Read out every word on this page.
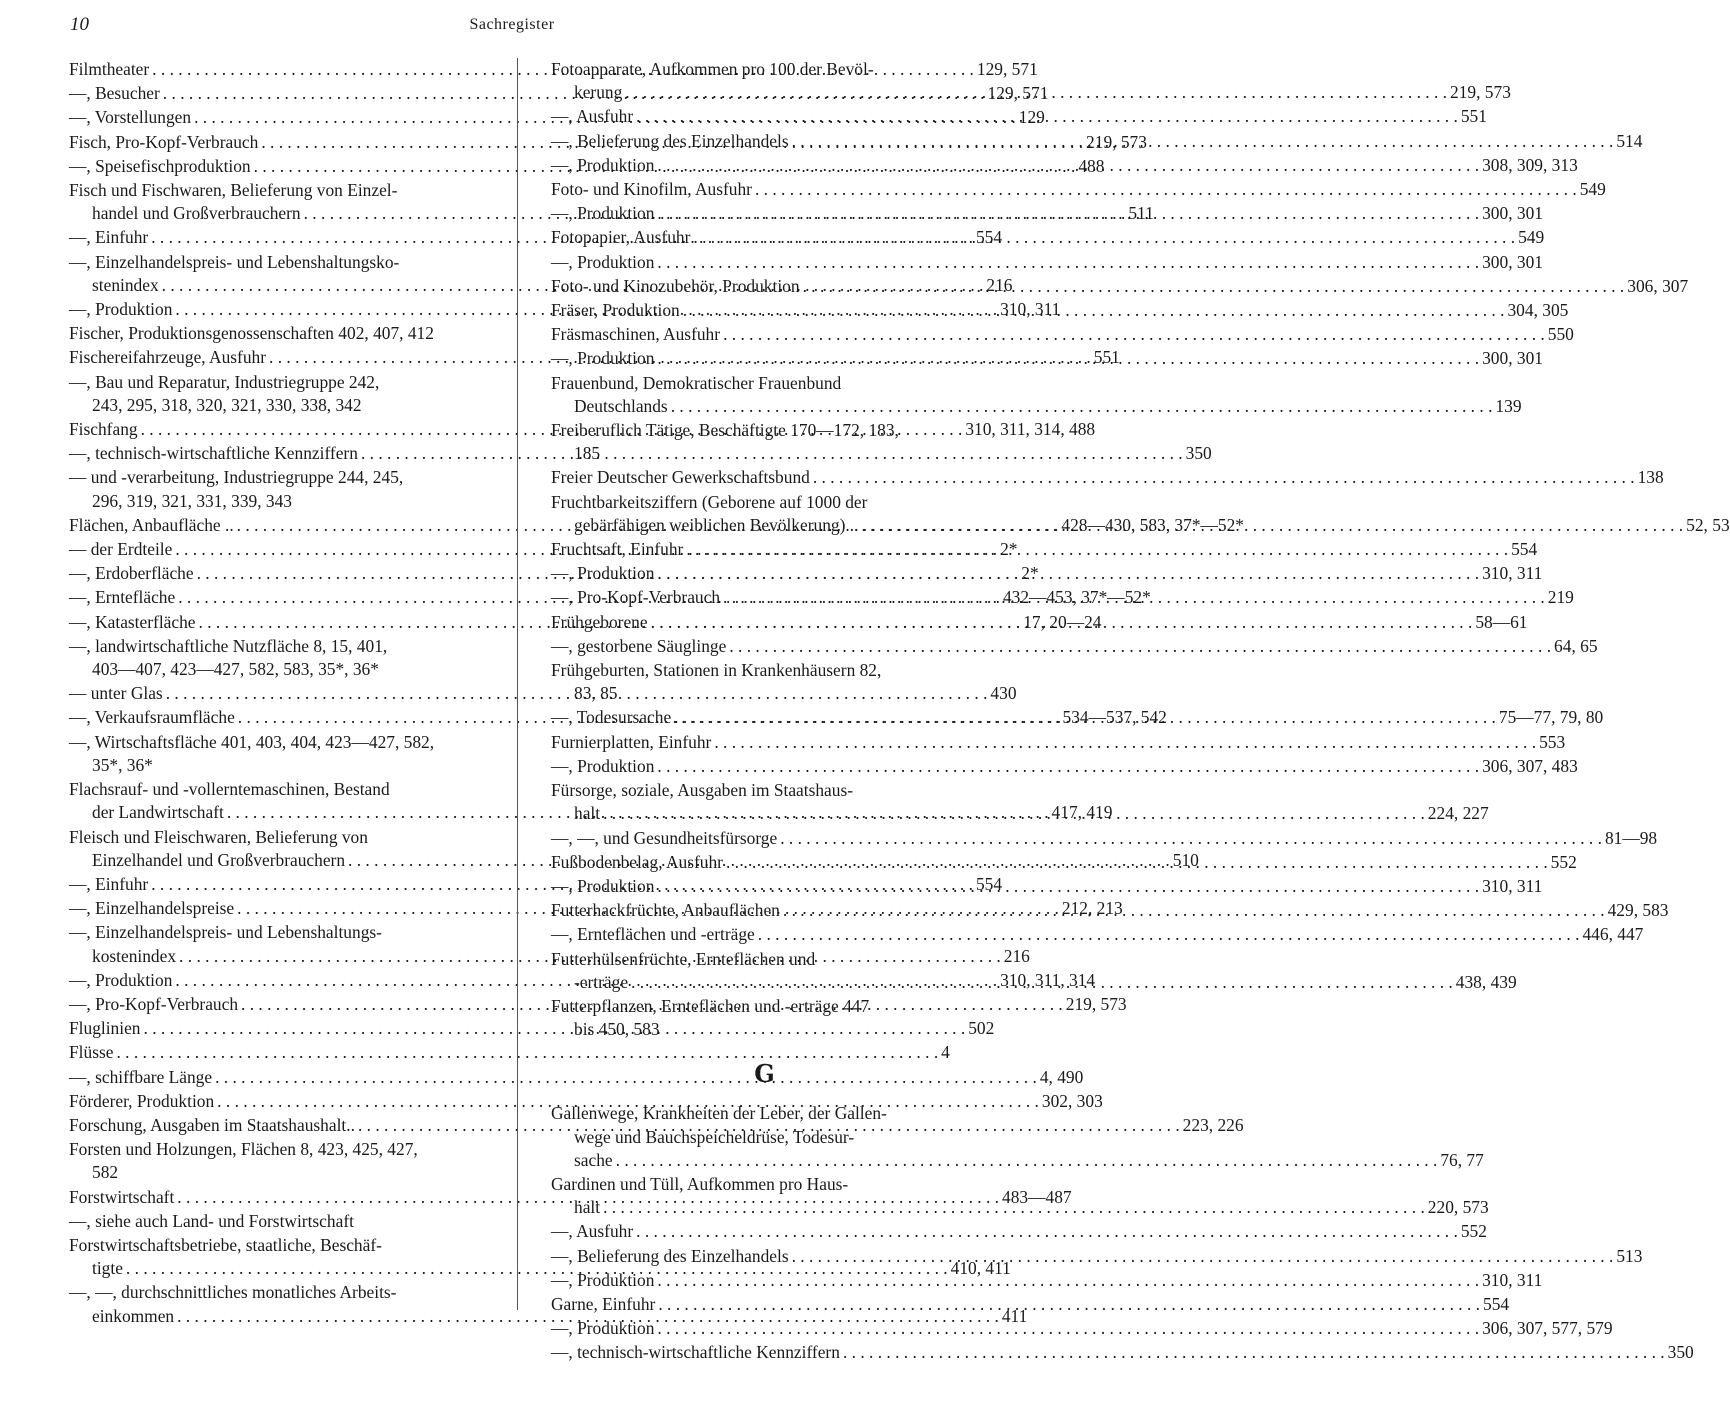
10	Sachregister
Filmtheater . . .	129, 571
—, Besucher . . .	129, 571
—, Vorstellungen . . .	129
Fisch, Pro-Kopf-Verbrauch . . .	219, 573
—, Speisefischproduktion . . .	488
Fisch und Fischwaren, Belieferung von Einzel-
handel und Großverbrauchern . . .	511
—, Einfuhr . . .	554
—, Einzelhandelspreis- und Lebenshaltungsko-
stenindex . . .	216
—, Produktion . . .	310, 311
Fischer, Produktionsgenossenschaften 402, 407, 412
Fischereifahrzeuge, Ausfuhr . . .	551
—, Bau und Reparatur, Industriegruppe 242,
243, 295, 318, 320, 321, 330, 338, 342
Fischfang . . .	310, 311, 314, 488
—, technisch-wirtschaftliche Kennziffern . . .	350
— und -verarbeitung, Industriegruppe 244, 245,
296, 319, 321, 331, 339, 343
Flächen, Anbaufläche .. . . .	428—430, 583, 37*—52*
— der Erdteile . . .	2*
—, Erdoberfläche . . .	2*
—, Erntefläche . . .	432—453, 37*—52*
—, Katasterfläche . . .	17, 20—24
—, landwirtschaftliche Nutzfläche 8, 15, 401,
403—407, 423—427, 582, 583, 35*, 36*
— unter Glas . . .	430
—, Verkaufsraumfläche . . .	534—537, 542
—, Wirtschaftsfläche 401, 403, 404, 423—427, 582,
35*, 36*
Flachsrauf- und -vollerntemaschinen, Bestand
der Landwirtschaft . . .	417, 419
Fleisch und Fleischwaren, Belieferung von
Einzelhandel und Großverbrauchern . . .	510
—, Einfuhr . . .	554
—, Einzelhandelspreise . . .	212, 213
—, Einzelhandelspreis- und Lebenshaltungs-
kostenindex . . .	216
—, Produktion . . .	310, 311, 314
—, Pro-Kopf-Verbrauch . . .	219, 573
Fluglinien . . .	502
Flüsse . . .	4
—, schiffbare Länge . . .	4, 490
Förderer, Produktion . . .	302, 303
Forschung, Ausgaben im Staatshaushalt.. . . .	223, 226
Forsten und Holzungen, Flächen 8, 423, 425, 427,
582
Forstwirtschaft . . .	483—487
—, siehe auch Land- und Forstwirtschaft
Forstwirtschaftsbetriebe, staatliche, Beschäf-
tigte . . .	410, 411
—, —, durchschnittliches monatliches Arbeits-
einkommen . . .	411
Fotoapparate, Aufkommen pro 100 der Bevöl-
kerung . . .	219, 573
—, Ausfuhr . . .	551
—, Belieferung des Einzelhandels . . .	514
—, Produktion . . .	308, 309, 313
Foto- und Kinofilm, Ausfuhr . . .	549
—, Produktion . . .	300, 301
Fotopapier, Ausfuhr . . .	549
—, Produktion . . .	300, 301
Foto- und Kinozubehör, Produktion . . .	306, 307
Fräser, Produktion . . .	304, 305
Fräsmaschinen, Ausfuhr . . .	550
—, Produktion . . .	300, 301
Frauenbund, Demokratischer Frauenbund
Deutschlands . . .	139
Freiberuflich Tätige, Beschäftigte 170—172, 183,
185
Freier Deutscher Gewerkschaftsbund . . .	138
Fruchtbarkeitsziffern (Geborene auf 1000 der
gebärfähigen weiblichen Bevölkerung) .. . . .	52, 53
Fruchtsaft, Einfuhr . . .	554
—, Produktion . . .	310, 311
—, Pro-Kopf-Verbrauch . . .	219
Frühgeborene . . .	58—61
—, gestorbene Säuglinge . . .	64, 65
Frühgeburten, Stationen in Krankenhäusern 82,
83, 85
—, Todesursache . . .	75—77, 79, 80
Furnierplatten, Einfuhr . . .	553
—, Produktion . . .	306, 307, 483
Fürsorge, soziale, Ausgaben im Staatshaus-
halt . . .	224, 227
—, —, und Gesundheitsfürsorge . . .	81—98
Fußbodenbelag, Ausfuhr . . .	552
—, Produktion . . .	310, 311
Futterhackfrüchte, Anbauflächen . . .	429, 583
—, Ernteflächen und -erträge . . .	446, 447
Futterhülsenfrüchte, Ernteflächen und
-erträge . . .	438, 439
Futterpflanzen, Ernteflächen und -erträge 447
bis 450, 583
G
Gallenwege, Krankheiten der Leber, der Gallen-
wege und Bauchspeicheldrüse, Todesur-
sache . . .	76, 77
Gardinen und Tüll, Aufkommen pro Haus-
halt . . .	220, 573
—, Ausfuhr . . .	552
—, Belieferung des Einzelhandels . . .	513
—, Produktion . . .	310, 311
Garne, Einfuhr . . .	554
—, Produktion . . .	306, 307, 577, 579
—, technisch-wirtschaftliche Kennziffern . . .	350
